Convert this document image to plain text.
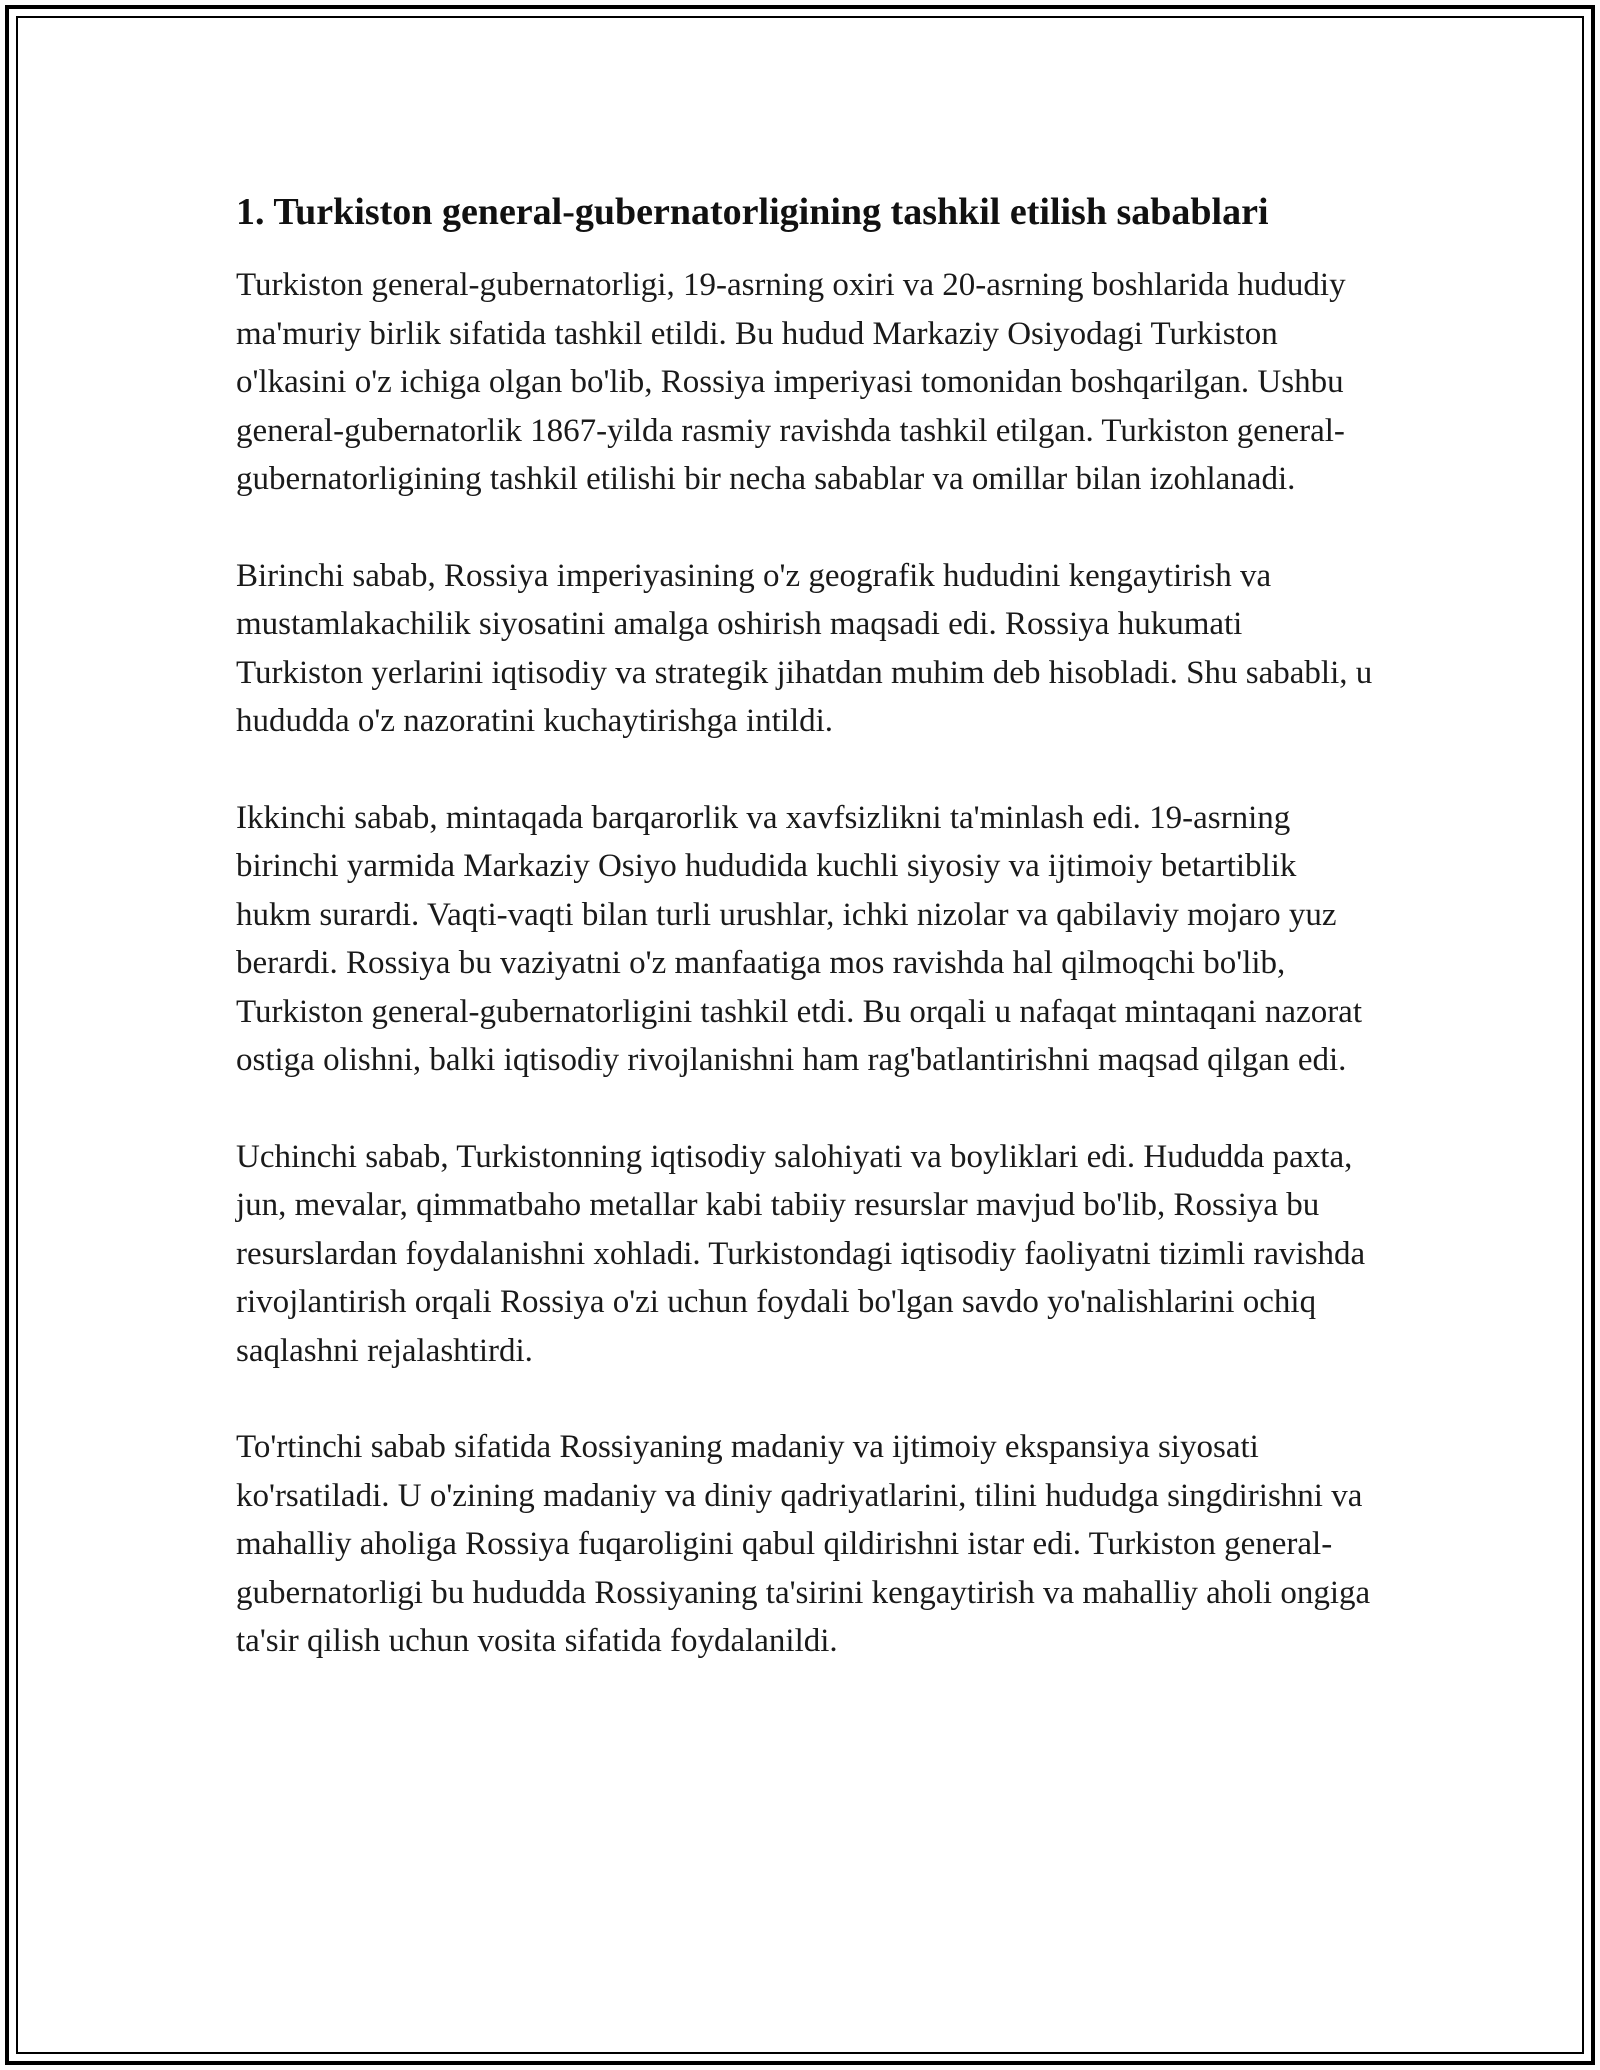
1. Turkiston general-gubernatorligining tashkil etilish sabablari

Turkiston general-gubernatorligi, 19-asrning oxiri va 20-asrning boshlarida hududiy ma'muriy birlik sifatida tashkil etildi. Bu hudud Markaziy Osiyodagi Turkiston o'lkasini o'z ichiga olgan bo'lib, Rossiya imperiyasi tomonidan boshqarilgan. Ushbu general-gubernatorlik 1867-yilda rasmiy ravishda tashkil etilgan. Turkiston general-gubernatorligining tashkil etilishi bir necha sabablar va omillar bilan izohlanadi.

Birinchi sabab, Rossiya imperiyasining o'z geografik hududini kengaytirish va mustamlakachilik siyosatini amalga oshirish maqsadi edi. Rossiya hukumati Turkiston yerlarini iqtisodiy va strategik jihatdan muhim deb hisobladi. Shu sababli, u hududda o'z nazoratini kuchaytirishga intildi.

Ikkinchi sabab, mintaqada barqarorlik va xavfsizlikni ta'minlash edi. 19-asrning birinchi yarmida Markaziy Osiyo hududida kuchli siyosiy va ijtimoiy betartiblik hukm surardi. Vaqti-vaqti bilan turli urushlar, ichki nizolar va qabilaviy mojaro yuz berardi. Rossiya bu vaziyatni o'z manfaatiga mos ravishda hal qilmoqchi bo'lib, Turkiston general-gubernatorligini tashkil etdi. Bu orqali u nafaqat mintaqani nazorat ostiga olishni, balki iqtisodiy rivojlanishni ham rag'batlantirishni maqsad qilgan edi.

Uchinchi sabab, Turkistonning iqtisodiy salohiyati va boyliklari edi. Hududda paxta, jun, mevalar, qimmatbaho metallar kabi tabiiy resurslar mavjud bo'lib, Rossiya bu resurslardan foydalanishni xohladi. Turkistondagi iqtisodiy faoliyatni tizimli ravishda rivojlantirish orqali Rossiya o'zi uchun foydali bo'lgan savdo yo'nalishlarini ochiq saqlashni rejalashtirdi.

To'rtinchi sabab sifatida Rossiyaning madaniy va ijtimoiy ekspansiya siyosati ko'rsatiladi. U o'zining madaniy va diniy qadriyatlarini, tilini hududga singdirishni va mahalliy aholiga Rossiya fuqaroligini qabul qildirishni istar edi. Turkiston general-gubernatorligi bu hududda Rossiyaning ta'sirini kengaytirish va mahalliy aholi ongiga ta'sir qilish uchun vosita sifatida foydalanildi.
